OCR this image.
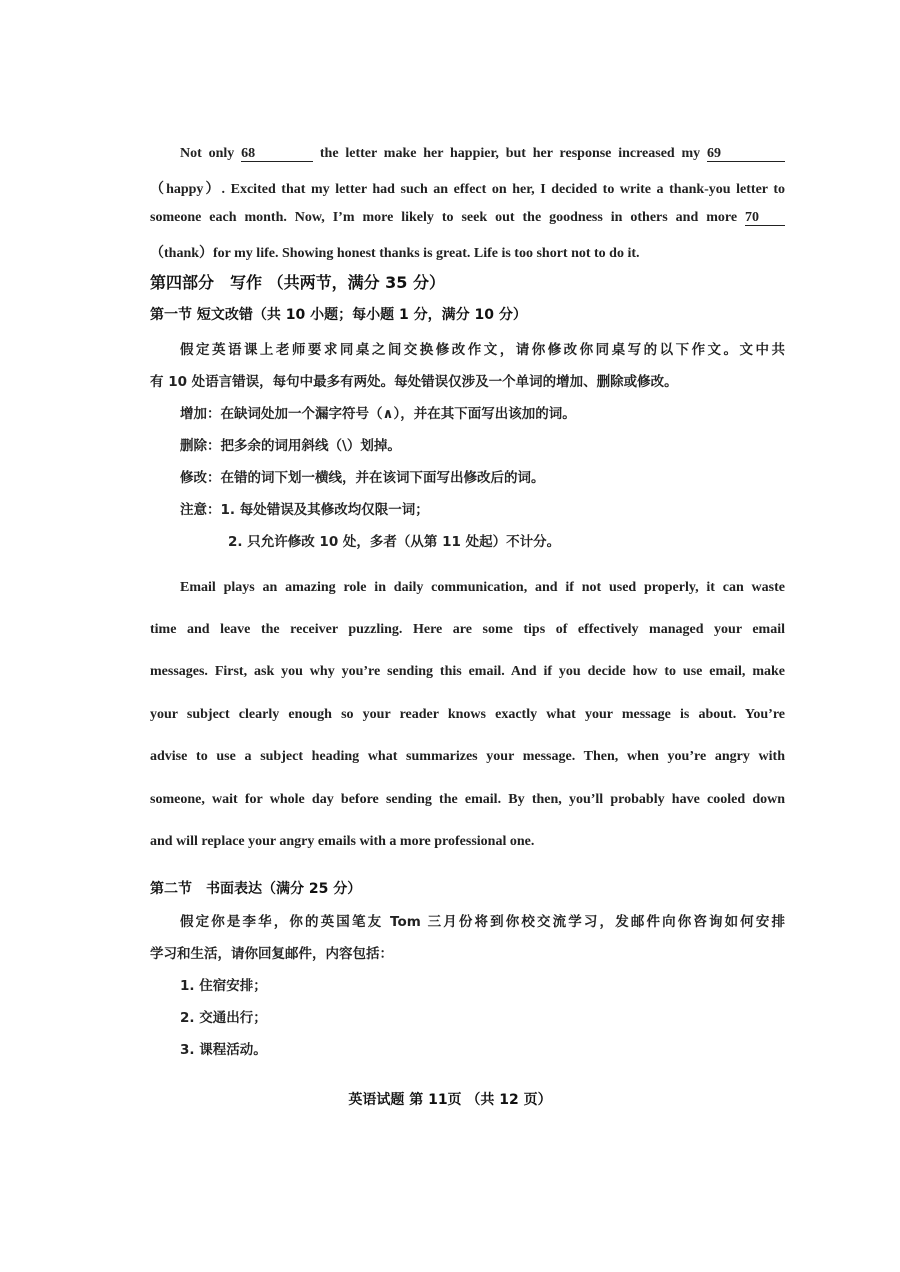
Not only 68	the letter make her happier, but her response increased my 69
（happy）. Excited that my letter had such an effect on her, I decided to write a thank-you letter to
someone each month. Now, I’m more likely to seek out the goodness in others and more 70
（thank）for my life. Showing honest thanks is great. Life is too short not to do it.
第四部分　写作 （共两节，满分 35 分）
第一节 短文改错（共 10 小题；每小题 1 分，满分 10 分）
假定英语课上老师要求同桌之间交换修改作文，请你修改你同桌写的以下作文。文中共
有 10 处语言错误，每句中最多有两处。每处错误仅涉及一个单词的增加、删除或修改。
增加：在缺词处加一个漏字符号（∧），并在其下面写出该加的词。
删除：把多余的词用斜线（\）划掉。
修改：在错的词下划一横线，并在该词下面写出修改后的词。
注意：1. 每处错误及其修改均仅限一词；
2. 只允许修改 10 处，多者（从第 11 处起）不计分。
Email plays an amazing role in daily communication, and if not used properly, it can waste
time and leave the receiver puzzling. Here are some tips of effectively managed your email
messages. First, ask you why you’re sending this email. And if you decide how to use email, make
your subject clearly enough so your reader knows exactly what your message is about. You’re
advise to use a subject heading what summarizes your message. Then, when you’re angry with
someone, wait for whole day before sending the email. By then, you’ll probably have cooled down
and will replace your angry emails with a more professional one.
第二节　书面表达（满分 25 分）
假定你是李华，你的英国笔友 Tom 三月份将到你校交流学习，发邮件向你咨询如何安排
学习和生活，请你回复邮件，内容包括：
1. 住宿安排；
2. 交通出行；
3. 课程活动。
英语试题 第 11页 （共 12 页）
